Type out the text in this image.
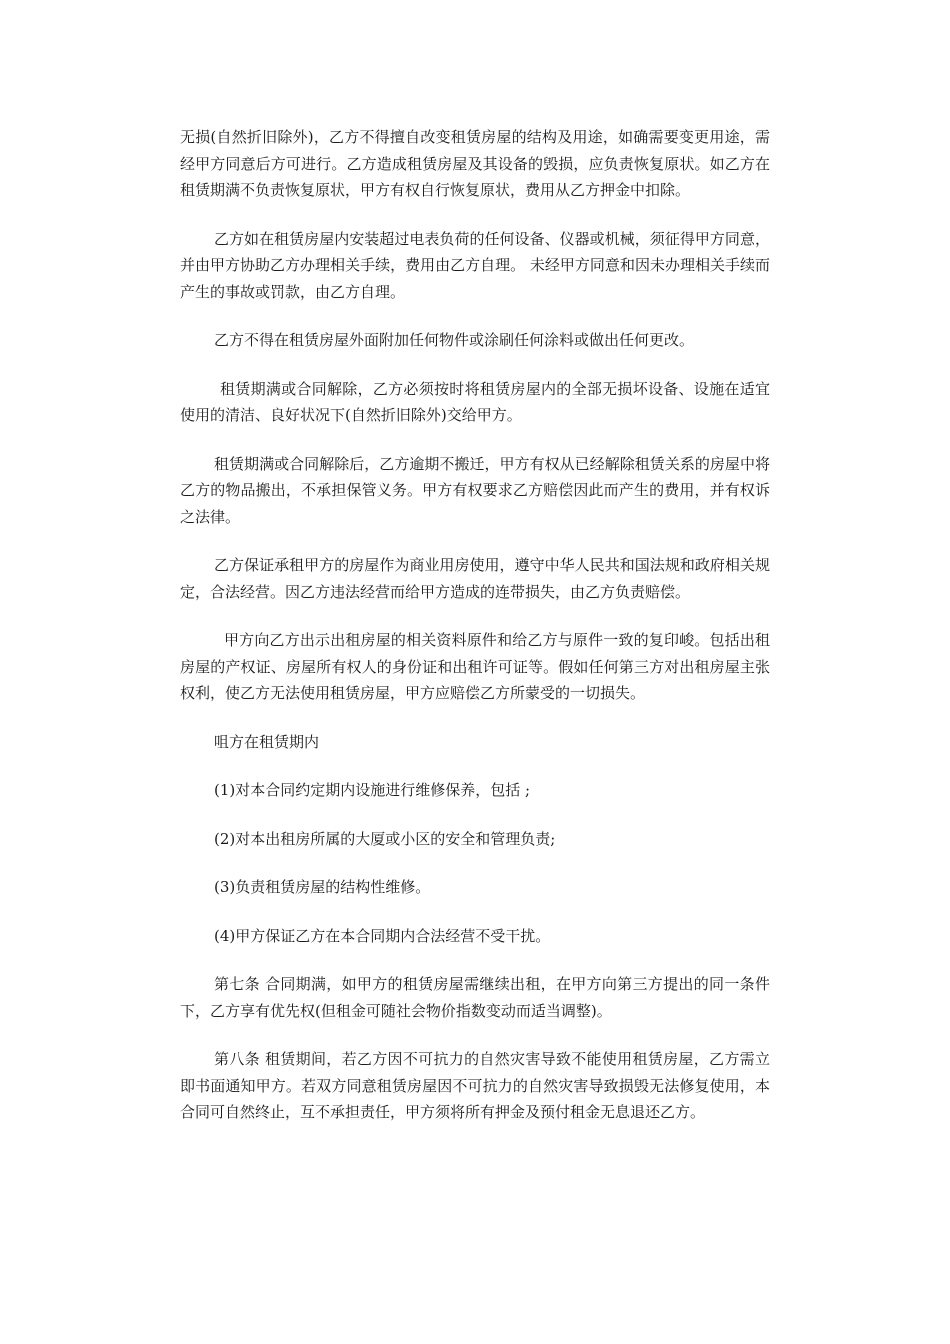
无损(自然折旧除外)，乙方不得擅自改变租赁房屋的结构及用途，如确需要变更用途，需经甲方同意后方可进行。乙方造成租赁房屋及其设备的毁损，应负责恢复原状。如乙方在租赁期满不负责恢复原状，甲方有权自行恢复原状，费用从乙方押金中扣除。

乙方如在租赁房屋内安装超过电表负荷的任何设备、仪器或机械，须征得甲方同意，并由甲方协助乙方办理相关手续，费用由乙方自理。 未经甲方同意和因未办理相关手续而产生的事故或罚款，由乙方自理。

乙方不得在租赁房屋外面附加任何物件或涂刷任何涂料或做出任何更改。

租赁期满或合同解除，乙方必须按时将租赁房屋内的全部无损坏设备、设施在适宜使用的清洁、良好状况下(自然折旧除外)交给甲方。

租赁期满或合同解除后，乙方逾期不搬迁，甲方有权从已经解除租赁关系的房屋中将乙方的物品搬出，不承担保管义务。甲方有权要求乙方赔偿因此而产生的费用，并有权诉之法律。

乙方保证承租甲方的房屋作为商业用房使用，遵守中华人民共和国法规和政府相关规定，合法经营。因乙方违法经营而给甲方造成的连带损失，由乙方负责赔偿。

甲方向乙方出示出租房屋的相关资料原件和给乙方与原件一致的复印峻。包括出租房屋的产权证、房屋所有权人的身份证和出租许可证等。假如任何第三方对出租房屋主张权利，使乙方无法使用租赁房屋，甲方应赔偿乙方所蒙受的一切损失。

咀方在租赁期内

(1)对本合同约定期内设施进行维修保养，包括 ;

(2)对本出租房所属的大厦或小区的安全和管理负责;

(3)负责租赁房屋的结构性维修。

(4)甲方保证乙方在本合同期内合法经营不受干扰。

第七条 合同期满，如甲方的租赁房屋需继续出租，在甲方向第三方提出的同一条件下，乙方享有优先权(但租金可随社会物价指数变动而适当调整)。

第八条 租赁期间，若乙方因不可抗力的自然灾害导致不能使用租赁房屋，乙方需立即书面通知甲方。若双方同意租赁房屋因不可抗力的自然灾害导致损毁无法修复使用，本合同可自然终止，互不承担责任，甲方须将所有押金及预付租金无息退还乙方。
